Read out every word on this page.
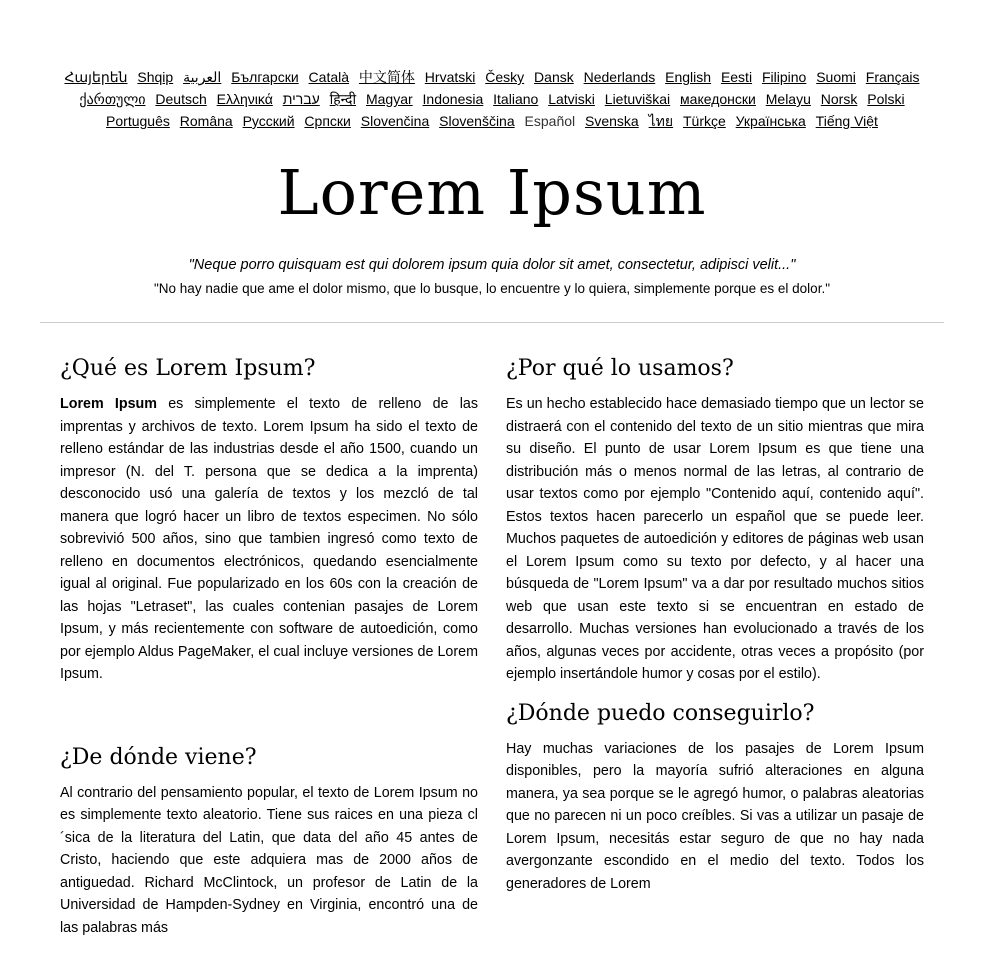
Հայերեն Shqip العربية Български Català 中文简体 Hrvatski Česky Dansk Nederlands English Eesti Filipino Suomi Français ქართული Deutsch Ελληνικά עברית हिन्दी Magyar Indonesia Italiano Latviski Lietuviškai македонски Melayu Norsk Polski Português Româna Русский Српски Slovenčina Slovenščina Español Svenska ไทย Türkçe Українська Tiếng Việt
Lorem Ipsum
"Neque porro quisquam est qui dolorem ipsum quia dolor sit amet, consectetur, adipisci velit..."
"No hay nadie que ame el dolor mismo, que lo busque, lo encuentre y lo quiera, simplemente porque es el dolor."
¿Qué es Lorem Ipsum?

Lorem Ipsum es simplemente el texto de relleno de las imprentas y archivos de texto. Lorem Ipsum ha sido el texto de relleno estándar de las industrias desde el año 1500, cuando un impresor (N. del T. persona que se dedica a la imprenta) desconocido usó una galería de textos y los mezcló de tal manera que logró hacer un libro de textos especimen. No sólo sobrevivió 500 años, sino que tambien ingresó como texto de relleno en documentos electrónicos, quedando esencialmente igual al original. Fue popularizado en los 60s con la creación de las hojas "Letraset", las cuales contenian pasajes de Lorem Ipsum, y más recientemente con software de autoedición, como por ejemplo Aldus PageMaker, el cual incluye versiones de Lorem Ipsum.

¿De dónde viene?

Al contrario del pensamiento popular, el texto de Lorem Ipsum no es simplemente texto aleatorio. Tiene sus raices en una pieza cl´sica de la literatura del Latin, que data del año 45 antes de Cristo, haciendo que este adquiera mas de 2000 años de antiguedad. Richard McClintock, un profesor de Latin de la Universidad de Hampden-Sydney en Virginia, encontró una de las palabras más

¿Por qué lo usamos?

Es un hecho establecido hace demasiado tiempo que un lector se distraerá con el contenido del texto de un sitio mientras que mira su diseño. El punto de usar Lorem Ipsum es que tiene una distribución más o menos normal de las letras, al contrario de usar textos como por ejemplo "Contenido aquí, contenido aquí". Estos textos hacen parecerlo un español que se puede leer. Muchos paquetes de autoedición y editores de páginas web usan el Lorem Ipsum como su texto por defecto, y al hacer una búsqueda de "Lorem Ipsum" va a dar por resultado muchos sitios web que usan este texto si se encuentran en estado de desarrollo. Muchas versiones han evolucionado a través de los años, algunas veces por accidente, otras veces a propósito (por ejemplo insertándole humor y cosas por el estilo).

¿Dónde puedo conseguirlo?

Hay muchas variaciones de los pasajes de Lorem Ipsum disponibles, pero la mayoría sufrió alteraciones en alguna manera, ya sea porque se le agregó humor, o palabras aleatorias que no parecen ni un poco creíbles. Si vas a utilizar un pasaje de Lorem Ipsum, necesitás estar seguro de que no hay nada avergonzante escondido en el medio del texto. Todos los generadores de Lorem
